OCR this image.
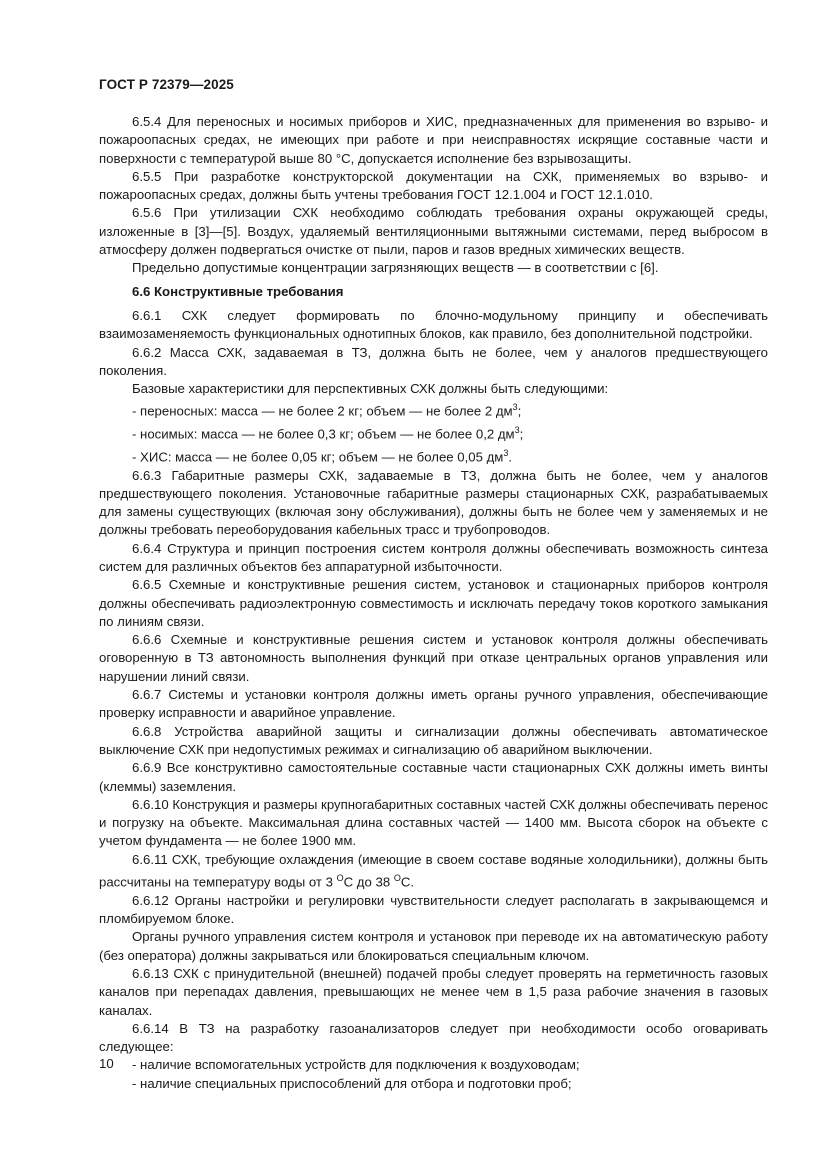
ГОСТ Р 72379—2025

6.5.4 Для переносных и носимых приборов и ХИС, предназначенных для применения во взрыво- и пожароопасных средах, не имеющих при работе и при неисправностях искрящие составные части и поверхности с температурой выше 80 °C, допускается исполнение без взрывозащиты.

6.5.5 При разработке конструкторской документации на СХК, применяемых во взрыво- и пожароопасных средах, должны быть учтены требования ГОСТ 12.1.004 и ГОСТ 12.1.010.

6.5.6 При утилизации СХК необходимо соблюдать требования охраны окружающей среды, изложенные в [3]—[5]. Воздух, удаляемый вентиляционными вытяжными системами, перед выбросом в атмосферу должен подвергаться очистке от пыли, паров и газов вредных химических веществ.

Предельно допустимые концентрации загрязняющих веществ — в соответствии с [6].

6.6 Конструктивные требования

6.6.1 СХК следует формировать по блочно-модульному принципу и обеспечивать взаимозаменяемость функциональных однотипных блоков, как правило, без дополнительной подстройки.

6.6.2 Масса СХК, задаваемая в ТЗ, должна быть не более, чем у аналогов предшествующего поколения.

Базовые характеристики для перспективных СХК должны быть следующими:

- переносных: масса — не более 2 кг; объем — не более 2 $дм^3$;

- носимых: масса — не более 0,3 кг; объем — не более 0,2 $дм^3$;

- ХИС: масса — не более 0,05 кг; объем — не более 0,05 $дм^3$.

6.6.3 Габаритные размеры СХК, задаваемые в ТЗ, должна быть не более, чем у аналогов предшествующего поколения. Установочные габаритные размеры стационарных СХК, разрабатываемых для замены существующих (включая зону обслуживания), должны быть не более чем у заменяемых и не должны требовать переоборудования кабельных трасс и трубопроводов.

6.6.4 Структура и принцип построения систем контроля должны обеспечивать возможность синтеза систем для различных объектов без аппаратурной избыточности.

6.6.5 Схемные и конструктивные решения систем, установок и стационарных приборов контроля должны обеспечивать радиоэлектронную совместимость и исключать передачу токов короткого замыкания по линиям связи.

6.6.6 Схемные и конструктивные решения систем и установок контроля должны обеспечивать оговоренную в ТЗ автономность выполнения функций при отказе центральных органов управления или нарушении линий связи.

6.6.7 Системы и установки контроля должны иметь органы ручного управления, обеспечивающие проверку исправности и аварийное управление.

6.6.8 Устройства аварийной защиты и сигнализации должны обеспечивать автоматическое выключение СХК при недопустимых режимах и сигнализацию об аварийном выключении.

6.6.9 Все конструктивно самостоятельные составные части стационарных СХК должны иметь винты (клеммы) заземления.

6.6.10 Конструкция и размеры крупногабаритных составных частей СХК должны обеспечивать перенос и погрузку на объекте. Максимальная длина составных частей — 1400 мм. Высота сборок на объекте с учетом фундамента — не более 1900 мм.

6.6.11 СХК, требующие охлаждения (имеющие в своем составе водяные холодильники), должны быть рассчитаны на температуру воды от 3 $^О$С до 38 $^О$С.

6.6.12 Органы настройки и регулировки чувствительности следует располагать в закрывающемся и пломбируемом блоке.

Органы ручного управления систем контроля и установок при переводе их на автоматическую работу (без оператора) должны закрываться или блокироваться специальным ключом.

6.6.13 СХК с принудительной (внешней) подачей пробы следует проверять на герметичность газовых каналов при перепадах давления, превышающих не менее чем в 1,5 раза рабочие значения в газовых каналах.

6.6.14 В ТЗ на разработку газоанализаторов следует при необходимости особо оговаривать следующее:

- наличие вспомогательных устройств для подключения к воздуховодам;

- наличие специальных приспособлений для отбора и подготовки проб;

10
